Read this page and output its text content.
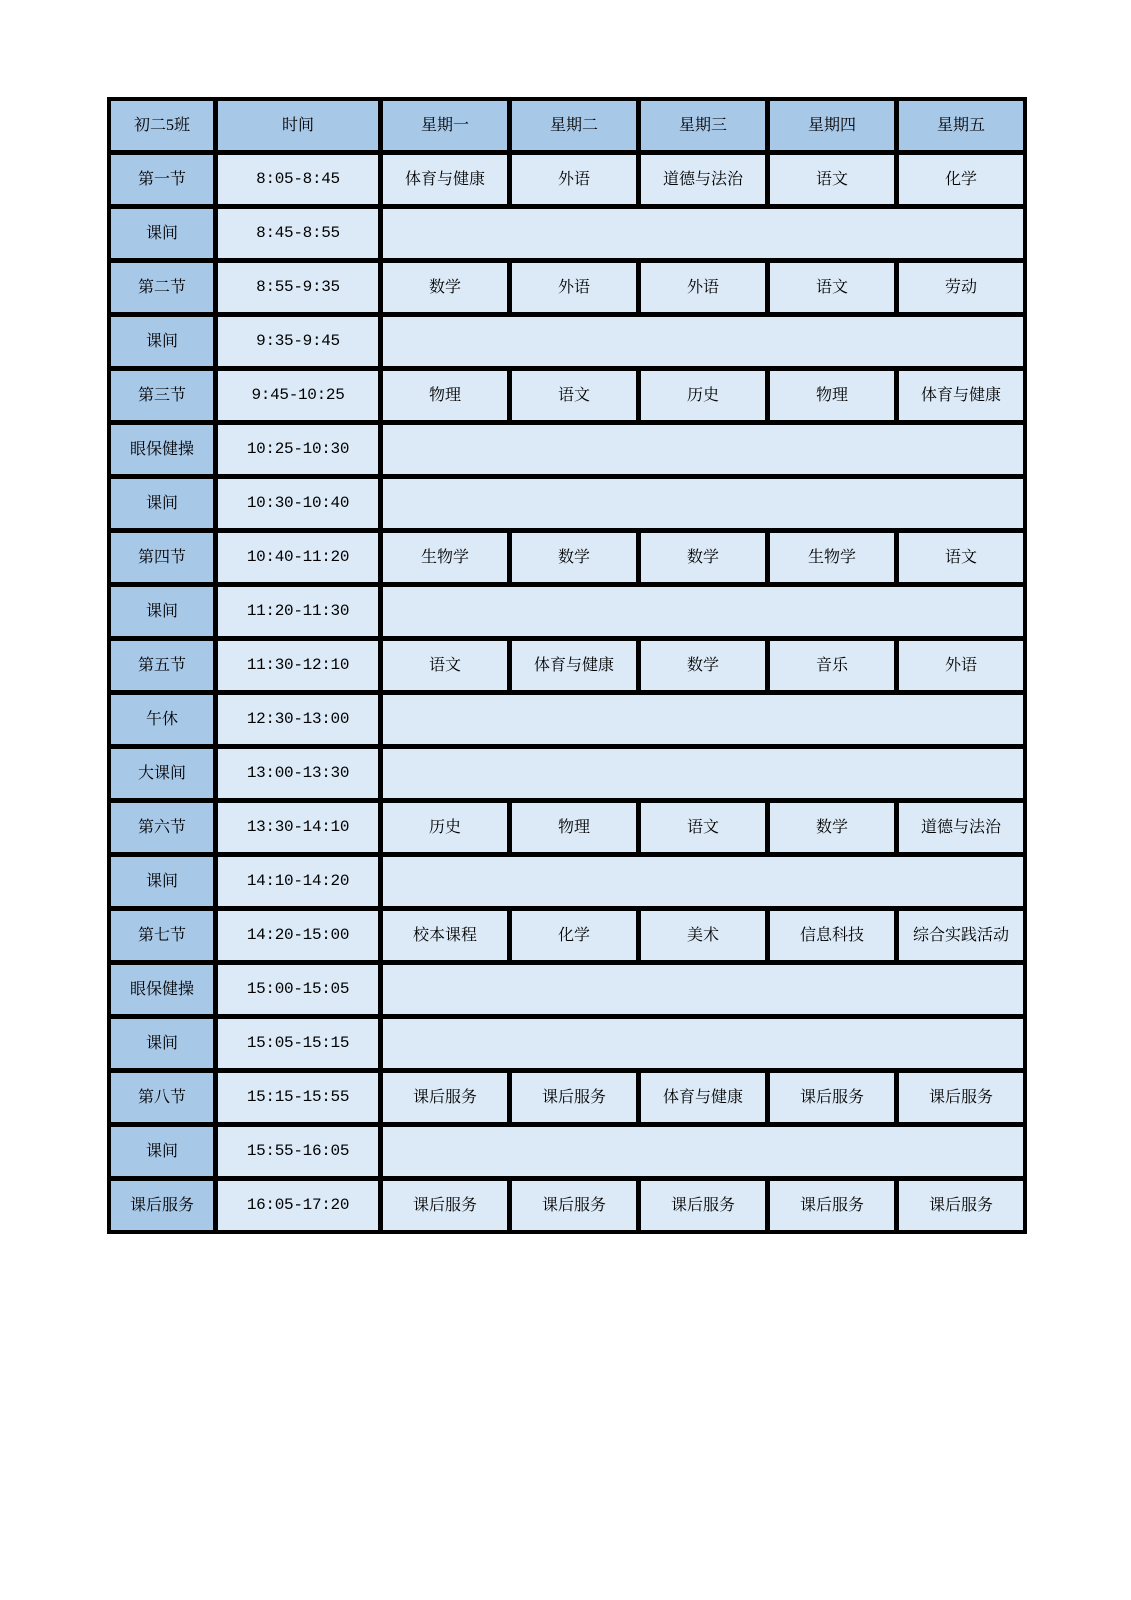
初二5班	时间	星期一	星期二	星期三	星期四	星期五
第一节	8:05-8:45	体育与健康	外语	道德与法治	语文	化学
课间	8:45-8:55					
第二节	8:55-9:35	数学	外语	外语	语文	劳动
课间	9:35-9:45					
第三节	9:45-10:25	物理	语文	历史	物理	体育与健康
眼保健操	10:25-10:30					
课间	10:30-10:40					
第四节	10:40-11:20	生物学	数学	数学	生物学	语文
课间	11:20-11:30					
第五节	11:30-12:10	语文	体育与健康	数学	音乐	外语
午休	12:30-13:00					
大课间	13:00-13:30					
第六节	13:30-14:10	历史	物理	语文	数学	道德与法治
课间	14:10-14:20					
第七节	14:20-15:00	校本课程	化学	美术	信息科技	综合实践活动
眼保健操	15:00-15:05					
课间	15:05-15:15					
第八节	15:15-15:55	课后服务	课后服务	体育与健康	课后服务	课后服务
课间	15:55-16:05					
课后服务	16:05-17:20	课后服务	课后服务	课后服务	课后服务	课后服务
